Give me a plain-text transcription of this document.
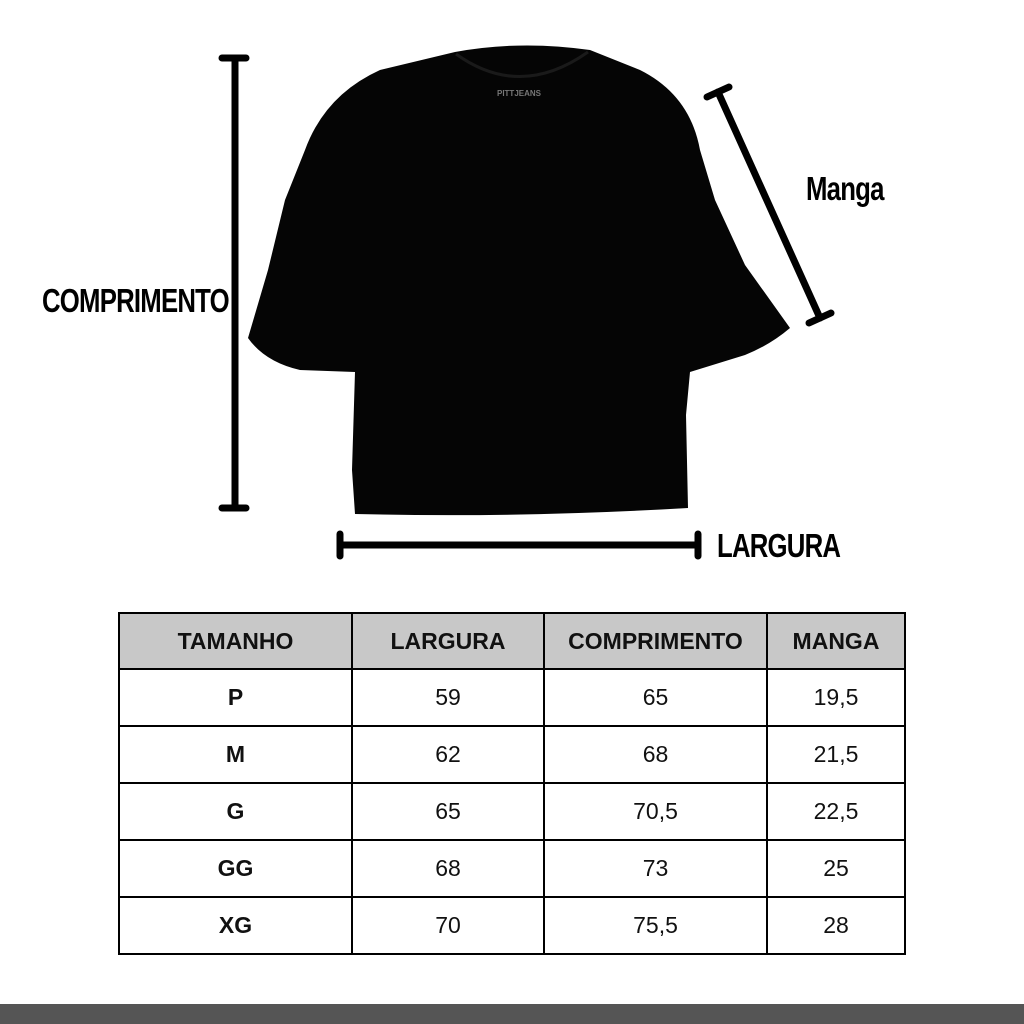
PITTJEANS
COMPRIMENTO
Manga
LARGURA
TAMANHO	LARGURA	COMPRIMENTO	MANGA
P	59	65	19,5
M	62	68	21,5
G	65	70,5	22,5
GG	68	73	25
XG	70	75,5	28
